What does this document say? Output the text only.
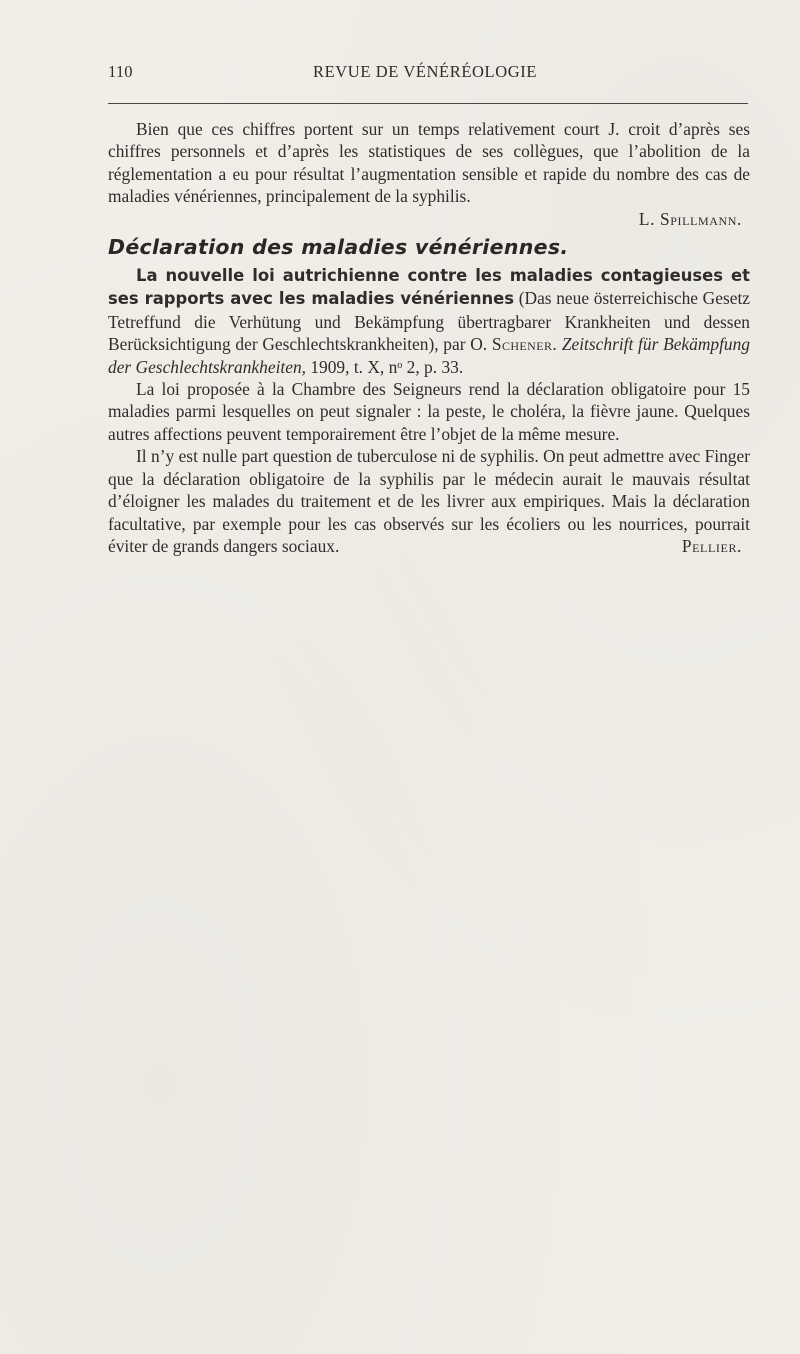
110	REVUE DE VÉNÉRÉOLOGIE

Bien que ces chiffres portent sur un temps relativement court J. croit d’après ses chiffres personnels et d’après les statistiques de ses collègues, que l’abolition de la réglementation a eu pour résultat l’augmentation sensible et rapide du nombre des cas de maladies vénériennes, principalement de la syphilis.

L. Spillmann.

Déclaration des maladies vénériennes.

La nouvelle loi autrichienne contre les maladies contagieuses et ses rapports avec les maladies vénériennes (Das neue österreichische Gesetz Tetreffund die Verhütung und Bekämpfung übertragbarer Krankheiten und dessen Berücksichtigung der Geschlechtskrankheiten), par O. Schener. Zeitschrift für Bekämpfung der Geschlechtskrankheiten, 1909, t. X, nᵒ 2, p. 33.

La loi proposée à la Chambre des Seigneurs rend la déclaration obligatoire pour 15 maladies parmi lesquelles on peut signaler : la peste, le choléra, la fièvre jaune. Quelques autres affections peuvent temporairement être l’objet de la même mesure.

Il n’y est nulle part question de tuberculose ni de syphilis. On peut admettre avec Finger que la déclaration obligatoire de la syphilis par le médecin aurait le mauvais résultat d’éloigner les malades du traitement et de les livrer aux empiriques. Mais la déclaration facultative, par exemple pour les cas observés sur les écoliers ou les nourrices, pourrait éviter de grands dangers sociaux.	Pellier.
